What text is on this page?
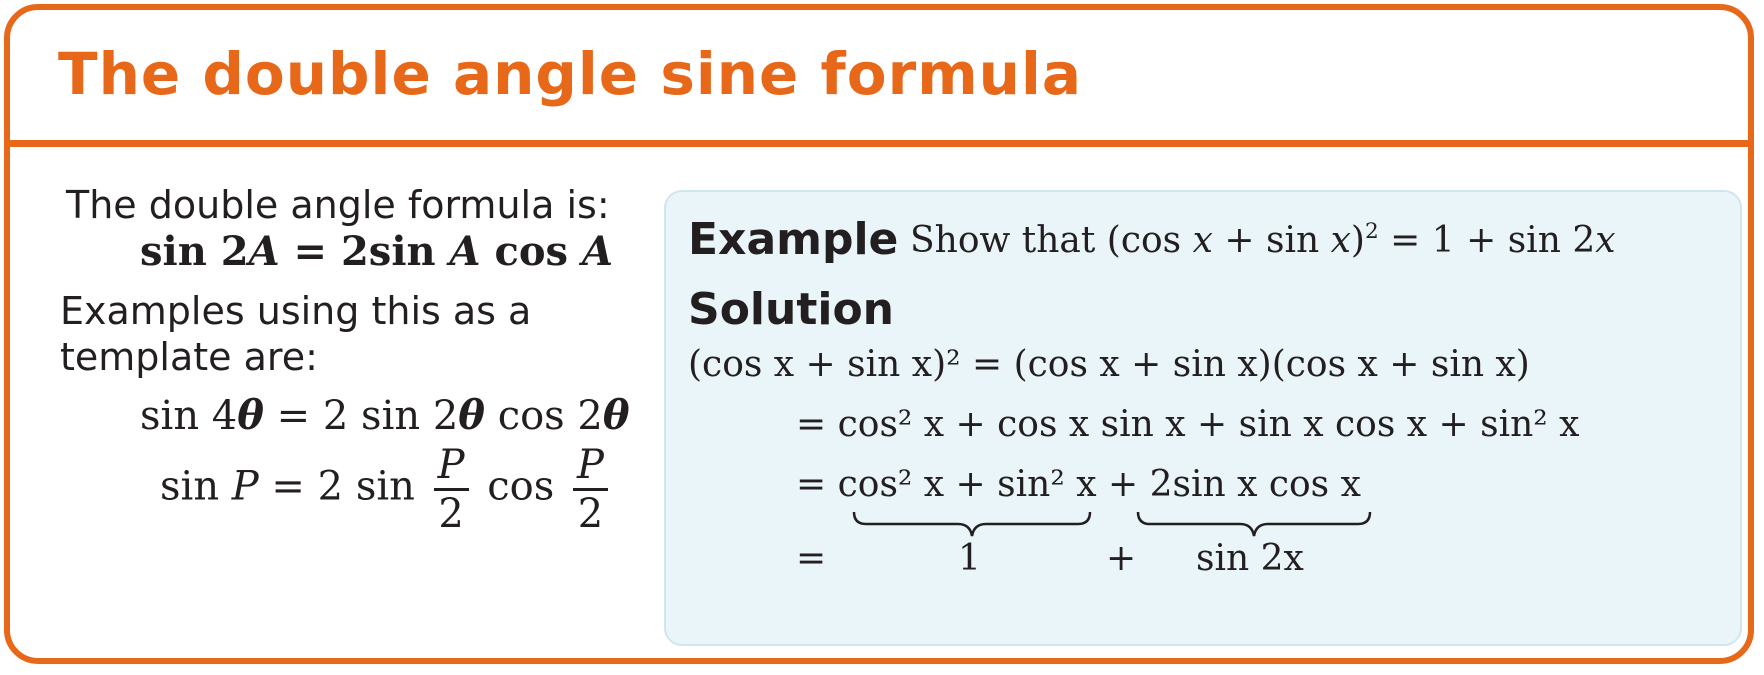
The double angle sine formula

The double angle formula is:

sin 2A = 2sin A cos A

Examples using this as a

template are:

sin 4θ = 2 sin 2θ cos 2θ
sin P = 2 $\sin \frac{P}{2}$ $\cos \frac{P}{2}$
Example Show that (cos x + sin x)$^2$ = 1 + sin 2x
Solution
(cos x + sin x)² = (cos x + sin x)(cos x + sin x)
= cos² x + cos x sin x + sin x cos x + sin² x
= cos² x + sin² x + 2sin x cos x
=	1	+ sin 2x
